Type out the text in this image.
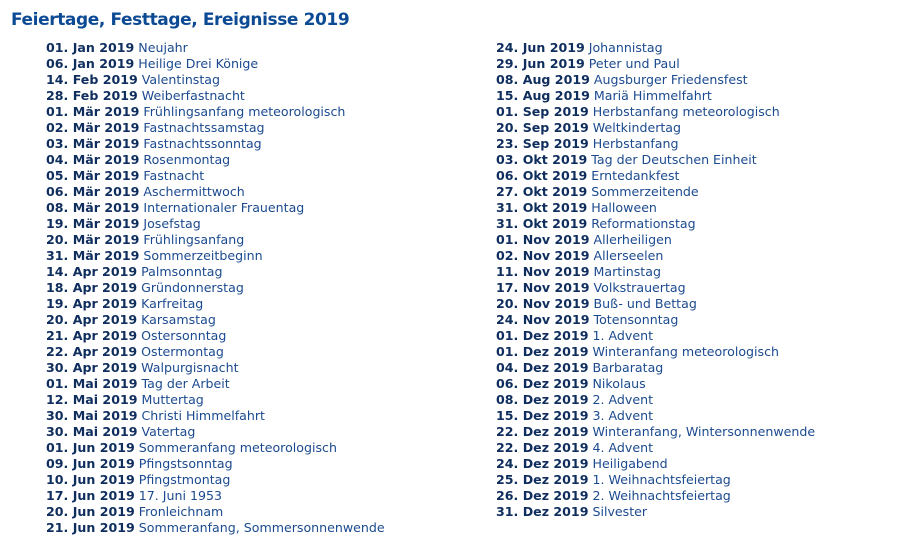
Feiertage, Festtage, Ereignisse 2019
01. Jan 2019 Neujahr
06. Jan 2019 Heilige Drei Könige
14. Feb 2019 Valentinstag
28. Feb 2019 Weiberfastnacht
01. Mär 2019 Frühlingsanfang meteorologisch
02. Mär 2019 Fastnachtssamstag
03. Mär 2019 Fastnachtssonntag
04. Mär 2019 Rosenmontag
05. Mär 2019 Fastnacht
06. Mär 2019 Aschermittwoch
08. Mär 2019 Internationaler Frauentag
19. Mär 2019 Josefstag
20. Mär 2019 Frühlingsanfang
31. Mär 2019 Sommerzeitbeginn
14. Apr 2019 Palmsonntag
18. Apr 2019 Gründonnerstag
19. Apr 2019 Karfreitag
20. Apr 2019 Karsamstag
21. Apr 2019 Ostersonntag
22. Apr 2019 Ostermontag
30. Apr 2019 Walpurgisnacht
01. Mai 2019 Tag der Arbeit
12. Mai 2019 Muttertag
30. Mai 2019 Christi Himmelfahrt
30. Mai 2019 Vatertag
01. Jun 2019 Sommeranfang meteorologisch
09. Jun 2019 Pfingstsonntag
10. Jun 2019 Pfingstmontag
17. Jun 2019 17. Juni 1953
20. Jun 2019 Fronleichnam
21. Jun 2019 Sommeranfang, Sommersonnenwende
24. Jun 2019 Johannistag
29. Jun 2019 Peter und Paul
08. Aug 2019 Augsburger Friedensfest
15. Aug 2019 Mariä Himmelfahrt
01. Sep 2019 Herbstanfang meteorologisch
20. Sep 2019 Weltkindertag
23. Sep 2019 Herbstanfang
03. Okt 2019 Tag der Deutschen Einheit
06. Okt 2019 Erntedankfest
27. Okt 2019 Sommerzeitende
31. Okt 2019 Halloween
31. Okt 2019 Reformationstag
01. Nov 2019 Allerheiligen
02. Nov 2019 Allerseelen
11. Nov 2019 Martinstag
17. Nov 2019 Volkstrauertag
20. Nov 2019 Buß- und Bettag
24. Nov 2019 Totensonntag
01. Dez 2019 1. Advent
01. Dez 2019 Winteranfang meteorologisch
04. Dez 2019 Barbaratag
06. Dez 2019 Nikolaus
08. Dez 2019 2. Advent
15. Dez 2019 3. Advent
22. Dez 2019 Winteranfang, Wintersonnenwende
22. Dez 2019 4. Advent
24. Dez 2019 Heiligabend
25. Dez 2019 1. Weihnachtsfeiertag
26. Dez 2019 2. Weihnachtsfeiertag
31. Dez 2019 Silvester
